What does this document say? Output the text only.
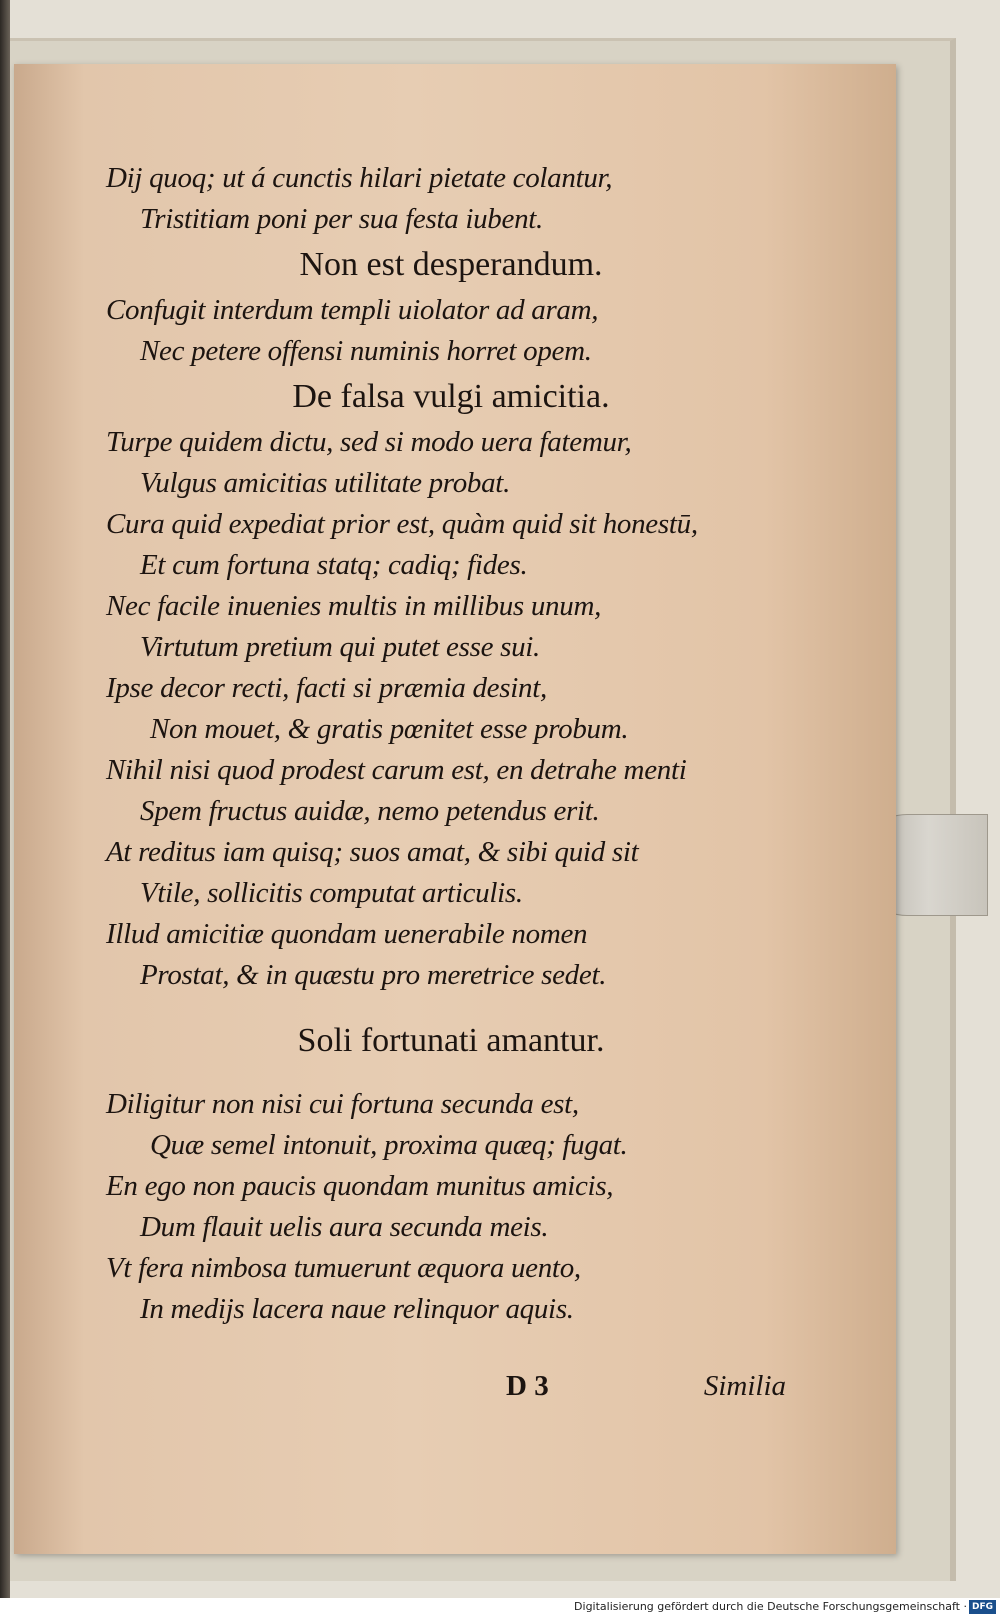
Dij quoq; ut á cunctis hilari pietate colantur,
Tristitiam poni per sua festa iubent.
Non est desperandum.
Confugit interdum templi uiolator ad aram,
Nec petere offensi numinis horret opem.
De falsa vulgi amicitia.
Turpe quidem dictu, sed si modo uera fatemur,
Vulgus amicitias utilitate probat.
Cura quid expediat prior est, quàm quid sit honestū,
Et cum fortuna statq; cadiq; fides.
Nec facile inuenies multis in millibus unum,
Virtutum pretium qui putet esse sui.
Ipse decor recti, facti si præmia desint,
Non mouet, & gratis pœnitet esse probum.
Nihil nisi quod prodest carum est, en detrahe menti
Spem fructus auidæ, nemo petendus erit.
At reditus iam quisq; suos amat, & sibi quid sit
Vtile, sollicitis computat articulis.
Illud amicitiæ quondam uenerabile nomen
Prostat, & in quæstu pro meretrice sedet.
Soli fortunati amantur.
Diligitur non nisi cui fortuna secunda est,
Quæ semel intonuit, proxima quæq; fugat.
En ego non paucis quondam munitus amicis,
Dum flauit uelis aura secunda meis.
Vt fera nimbosa tumuerunt æquora uento,
In medijs lacera naue relinquor aquis.
D 3	Similia
Digitalisierung gefördert durch die Deutsche Forschungsgemeinschaft · DFG
